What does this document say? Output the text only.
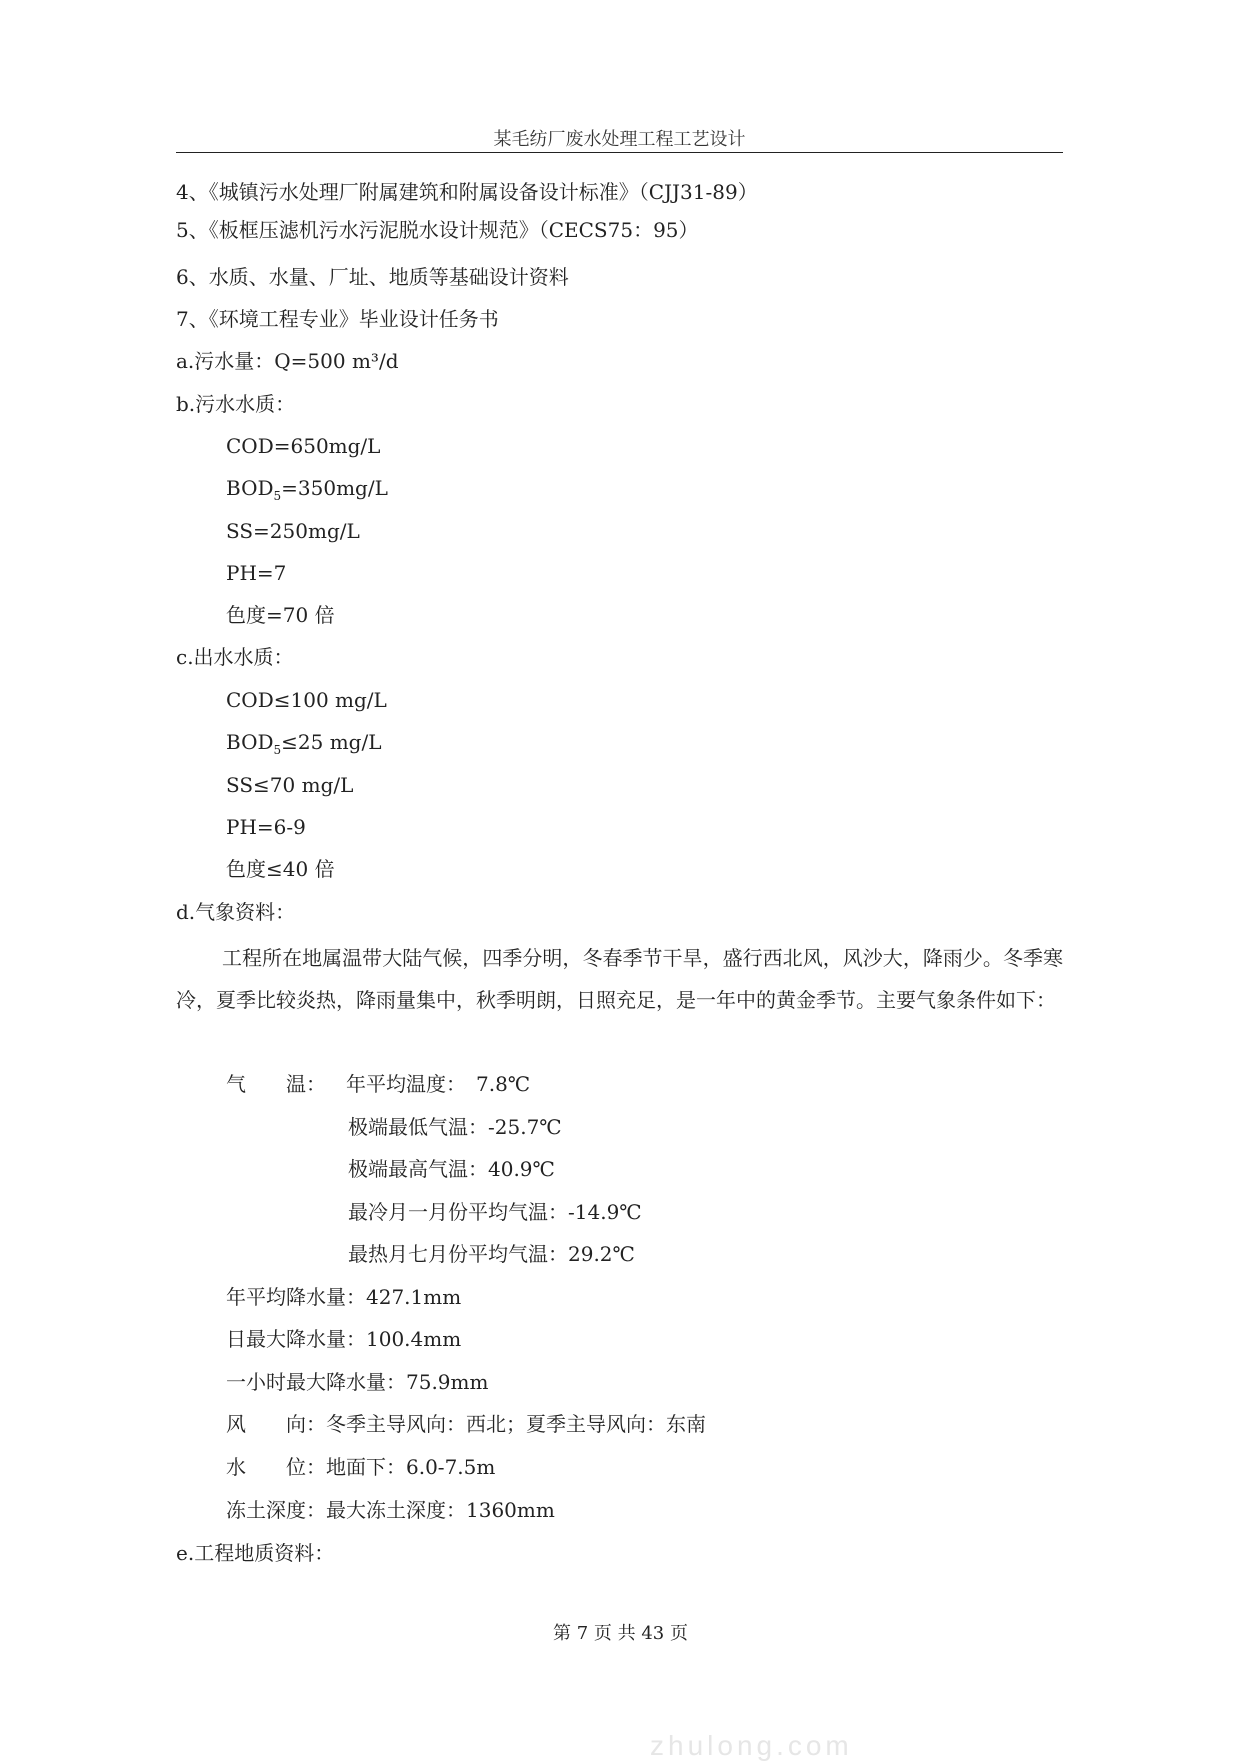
某毛纺厂废水处理工程工艺设计
4、《城镇污水处理厂附属建筑和附属设备设计标准》（CJJ31-89）
5、《板框压滤机污水污泥脱水设计规范》（CECS75：95）
6、水质、水量、厂址、地质等基础设计资料
7、《环境工程专业》毕业设计任务书
a.污水量：Q=500 m³/d
b.污水水质：
COD=650mg/L
$BOD_5=350mg/L$
SS=250mg/L
PH=7
色度=70 倍
c.出水水质：
COD≤100 mg/L
$BOD_5\le 25$ mg/L
SS≤70 mg/L
PH=6-9
色度≤40 倍
d.气象资料：
工程所在地属温带大陆气候，四季分明，冬春季节干旱，盛行西北风，风沙大，降雨少。冬季寒冷，夏季比较炎热，降雨量集中，秋季明朗，日照充足，是一年中的黄金季节。主要气象条件如下：
气　　温： 年平均温度：　7.8℃
极端最低气温：-25.7℃
极端最高气温：40.9℃
最冷月一月份平均气温：-14.9℃
最热月七月份平均气温：29.2℃
年平均降水量：427.1mm
日最大降水量：100.4mm
一小时最大降水量：75.9mm
风　　向：冬季主导风向：西北；夏季主导风向：东南
水　　位：地面下：6.0-7.5m
冻土深度：最大冻土深度：1360mm
e.工程地质资料：
第 7 页 共 43 页
zhulong.com
